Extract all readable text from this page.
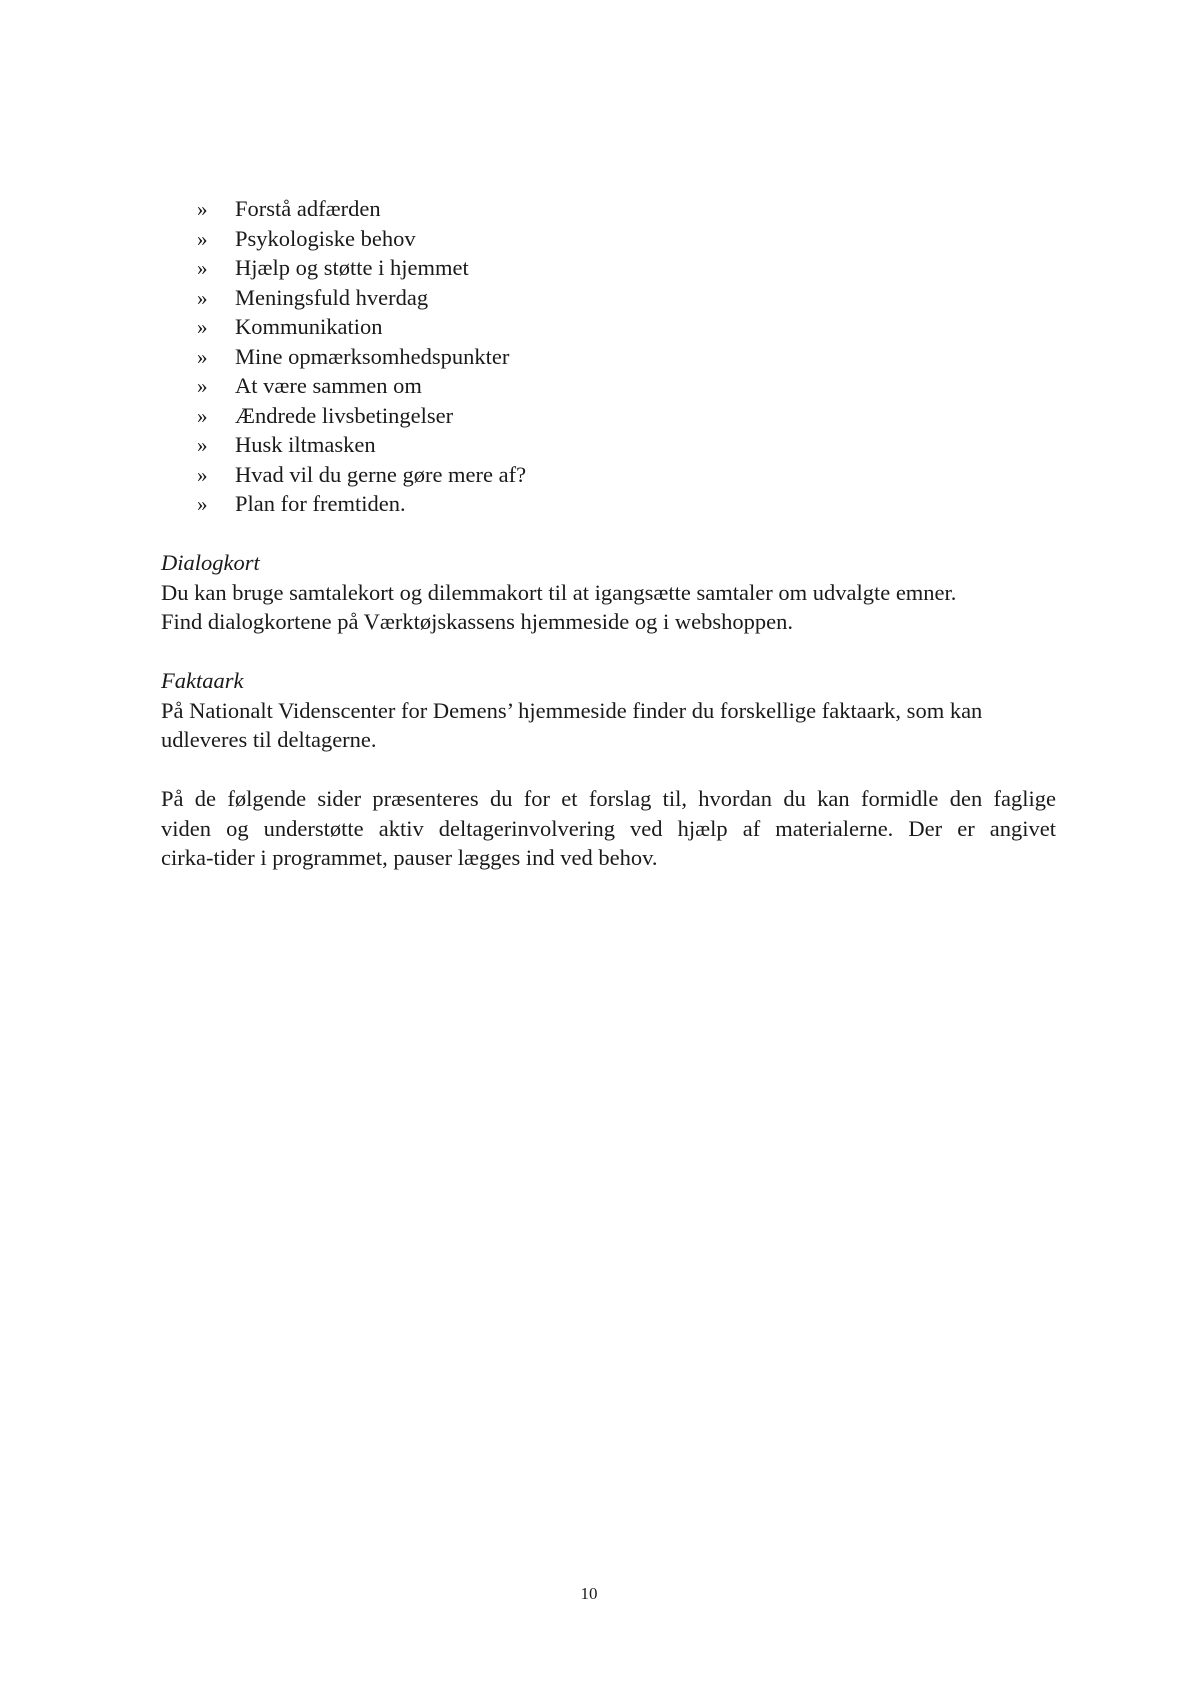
»	Forstå adfærden
»	Psykologiske behov
»	Hjælp og støtte i hjemmet
»	Meningsfuld hverdag
»	Kommunikation
»	Mine opmærksomhedspunkter
»	At være sammen om
»	Ændrede livsbetingelser
»	Husk iltmasken
»	Hvad vil du gerne gøre mere af?
»	Plan for fremtiden.
Dialogkort

Du kan bruge samtalekort og dilemmakort til at igangsætte samtaler om udvalgte emner.
Find dialogkortene på Værktøjskassens hjemmeside og i webshoppen.

Faktaark

På Nationalt Videnscenter for Demens’ hjemmeside finder du forskellige faktaark, som kan
udleveres til deltagerne.

På de følgende sider præsenteres du for et forslag til, hvordan du kan formidle den faglige
viden og understøtte aktiv deltagerinvolvering ved hjælp af materialerne. Der er angivet
cirka-tider i programmet, pauser lægges ind ved behov.

10
